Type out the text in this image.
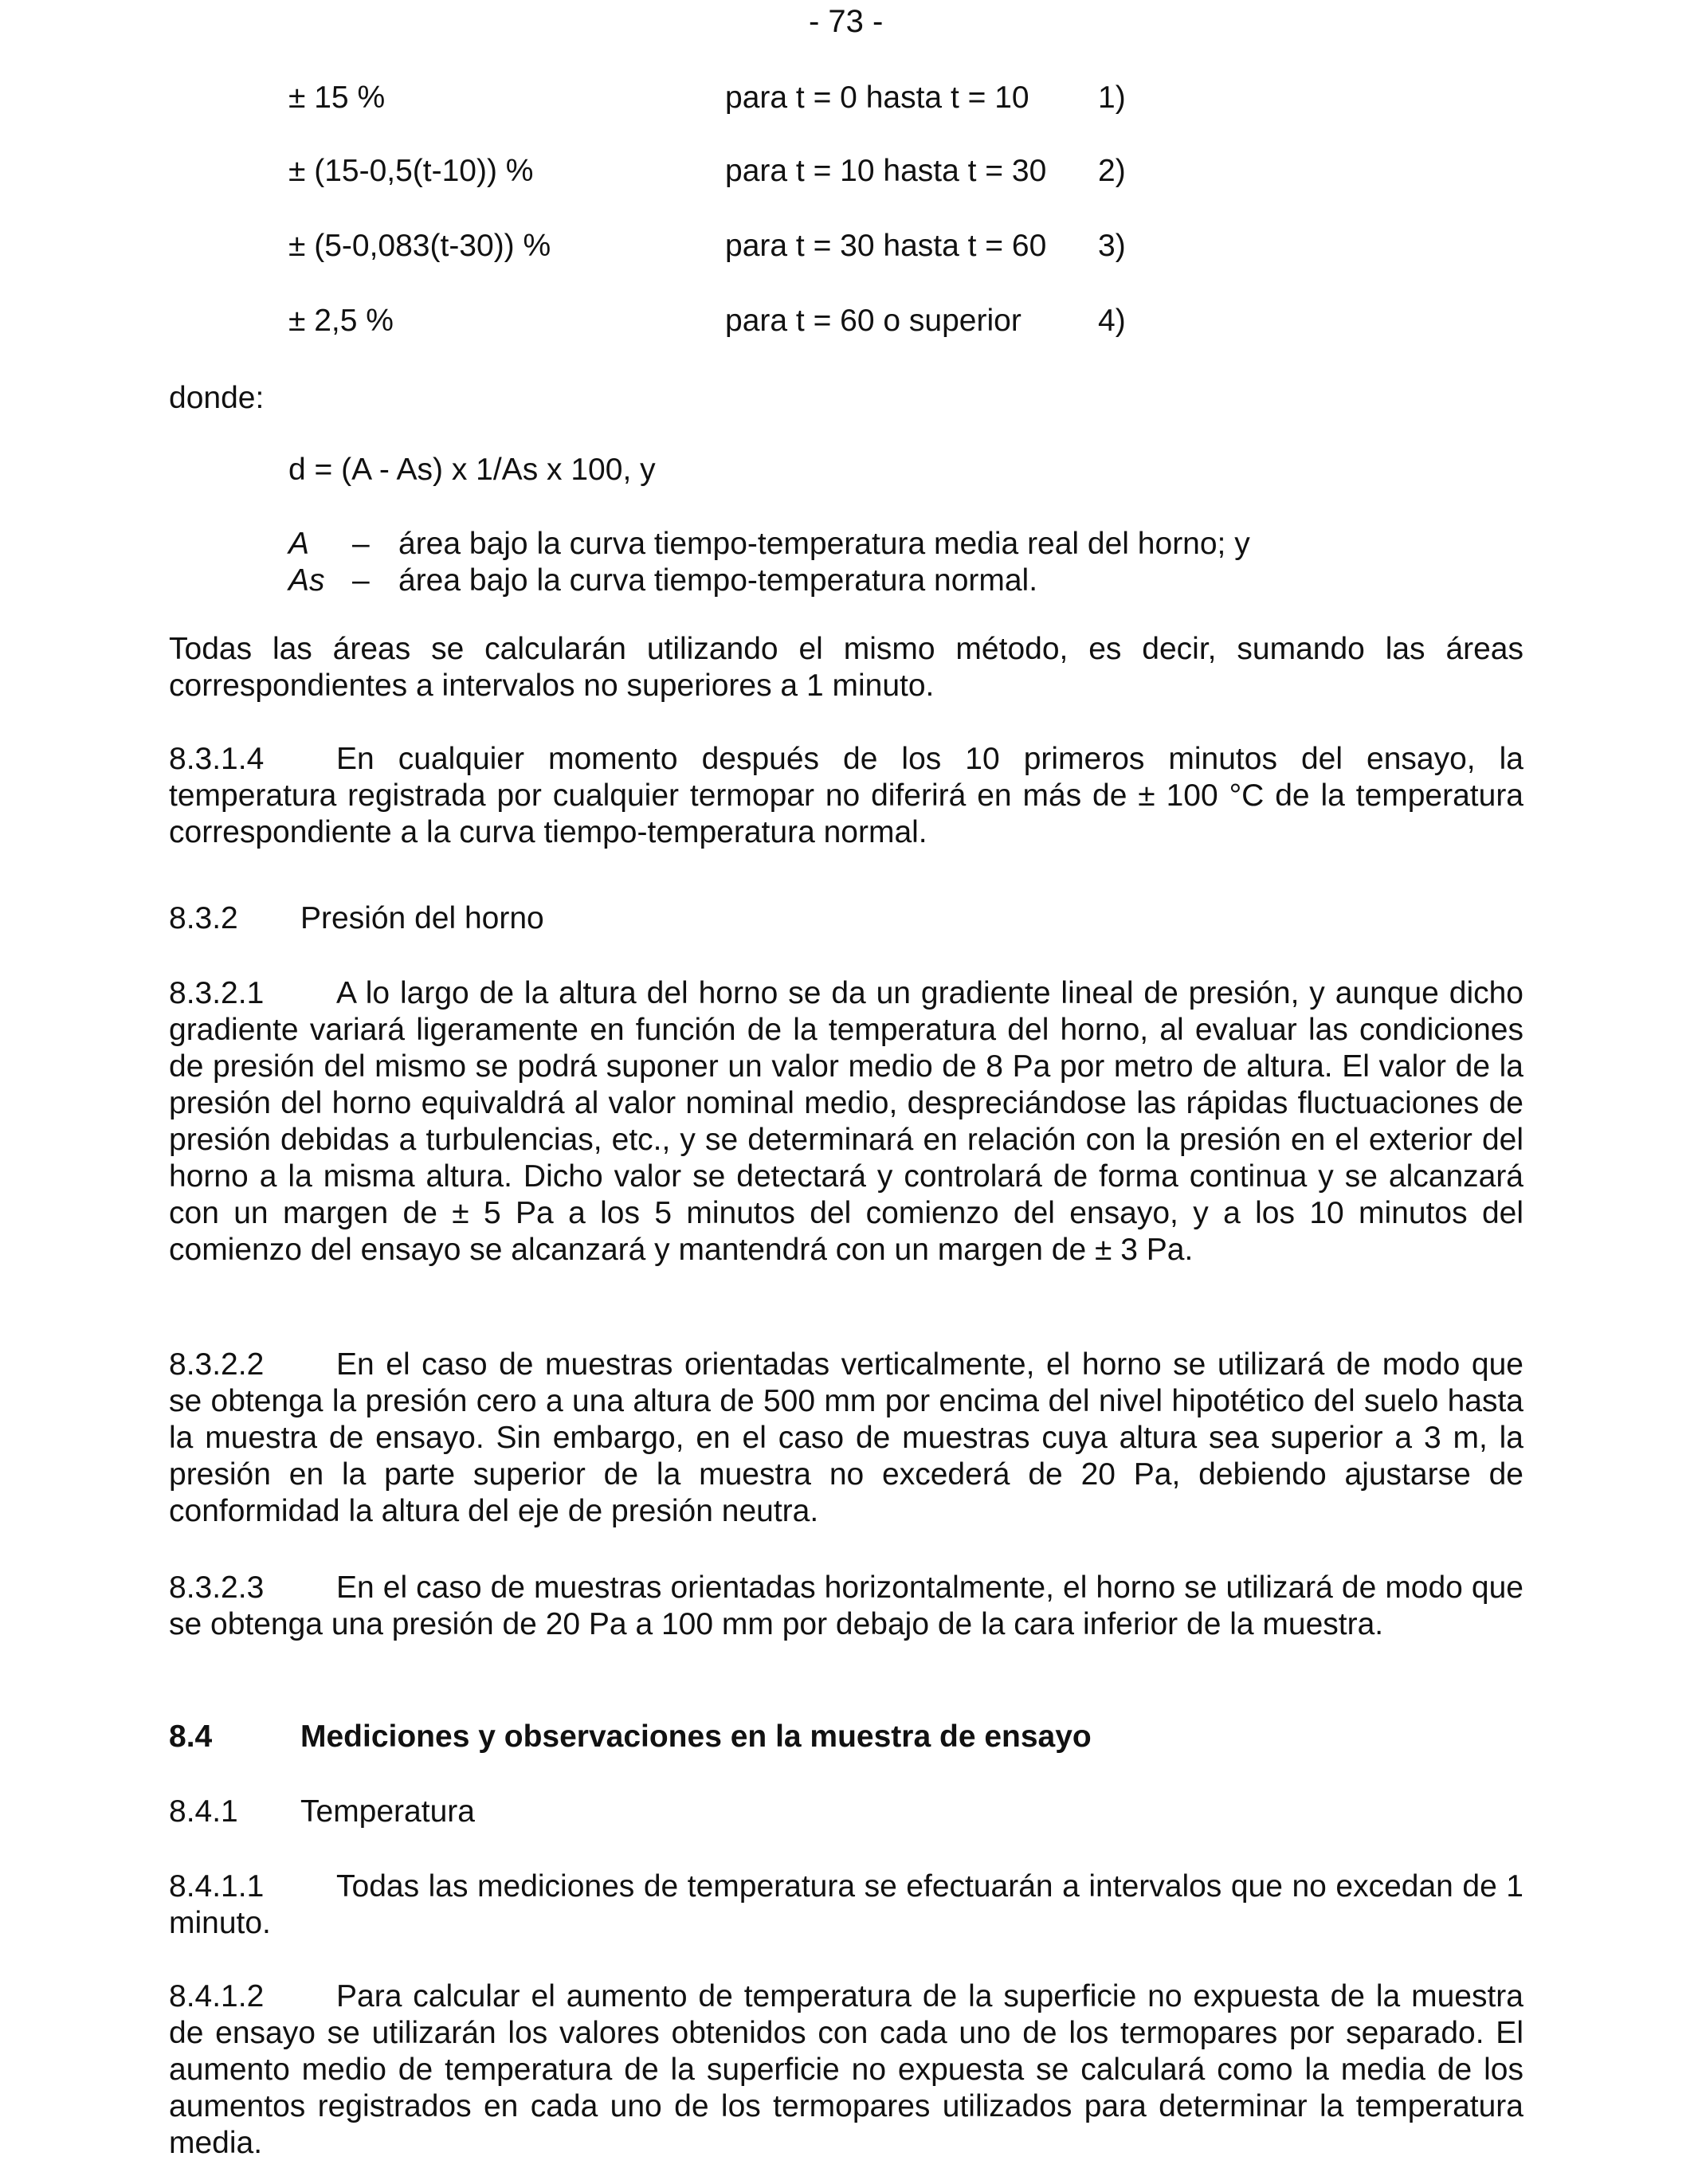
- 73 -
± 15 %	para t = 0 hasta t = 10 1)
± (15-0,5(t-10)) %	para t = 10 hasta t = 30 2)
± (5-0,083(t-30)) %	para t = 30 hasta t = 60 3)
± 2,5 %	para t = 60 o superior 4)
donde:
d = (A - As) x 1/As x 100, y
A	– área bajo la curva tiempo-temperatura media real del horno; y
As – área bajo la curva tiempo-temperatura normal.
Todas las áreas se calcularán utilizando el mismo método, es decir, sumando las áreas correspondientes a intervalos no superiores a 1 minuto.
8.3.1.4 En cualquier momento después de los 10 primeros minutos del ensayo, la temperatura registrada por cualquier termopar no diferirá en más de ± 100 °C de la temperatura correspondiente a la curva tiempo-temperatura normal.
8.3.2 Presión del horno
8.3.2.1 A lo largo de la altura del horno se da un gradiente lineal de presión, y aunque dicho gradiente variará ligeramente en función de la temperatura del horno, al evaluar las condiciones de presión del mismo se podrá suponer un valor medio de 8 Pa por metro de altura. El valor de la presión del horno equivaldrá al valor nominal medio, despreciándose las rápidas fluctuaciones de presión debidas a turbulencias, etc., y se determinará en relación con la presión en el exterior del horno a la misma altura. Dicho valor se detectará y controlará de forma continua y se alcanzará con un margen de ± 5 Pa a los 5 minutos del comienzo del ensayo, y a los 10 minutos del comienzo del ensayo se alcanzará y mantendrá con un margen de ± 3 Pa.
8.3.2.2 En el caso de muestras orientadas verticalmente, el horno se utilizará de modo que se obtenga la presión cero a una altura de 500 mm por encima del nivel hipotético del suelo hasta la muestra de ensayo. Sin embargo, en el caso de muestras cuya altura sea superior a 3 m, la presión en la parte superior de la muestra no excederá de 20 Pa, debiendo ajustarse de conformidad la altura del eje de presión neutra.
8.3.2.3 En el caso de muestras orientadas horizontalmente, el horno se utilizará de modo que se obtenga una presión de 20 Pa a 100 mm por debajo de la cara inferior de la muestra.
8.4	Mediciones y observaciones en la muestra de ensayo
8.4.1 Temperatura
8.4.1.1 Todas las mediciones de temperatura se efectuarán a intervalos que no excedan de 1 minuto.
8.4.1.2 Para calcular el aumento de temperatura de la superficie no expuesta de la muestra de ensayo se utilizarán los valores obtenidos con cada uno de los termopares por separado. El aumento medio de temperatura de la superficie no expuesta se calculará como la media de los aumentos registrados en cada uno de los termopares utilizados para determinar la temperatura media.
